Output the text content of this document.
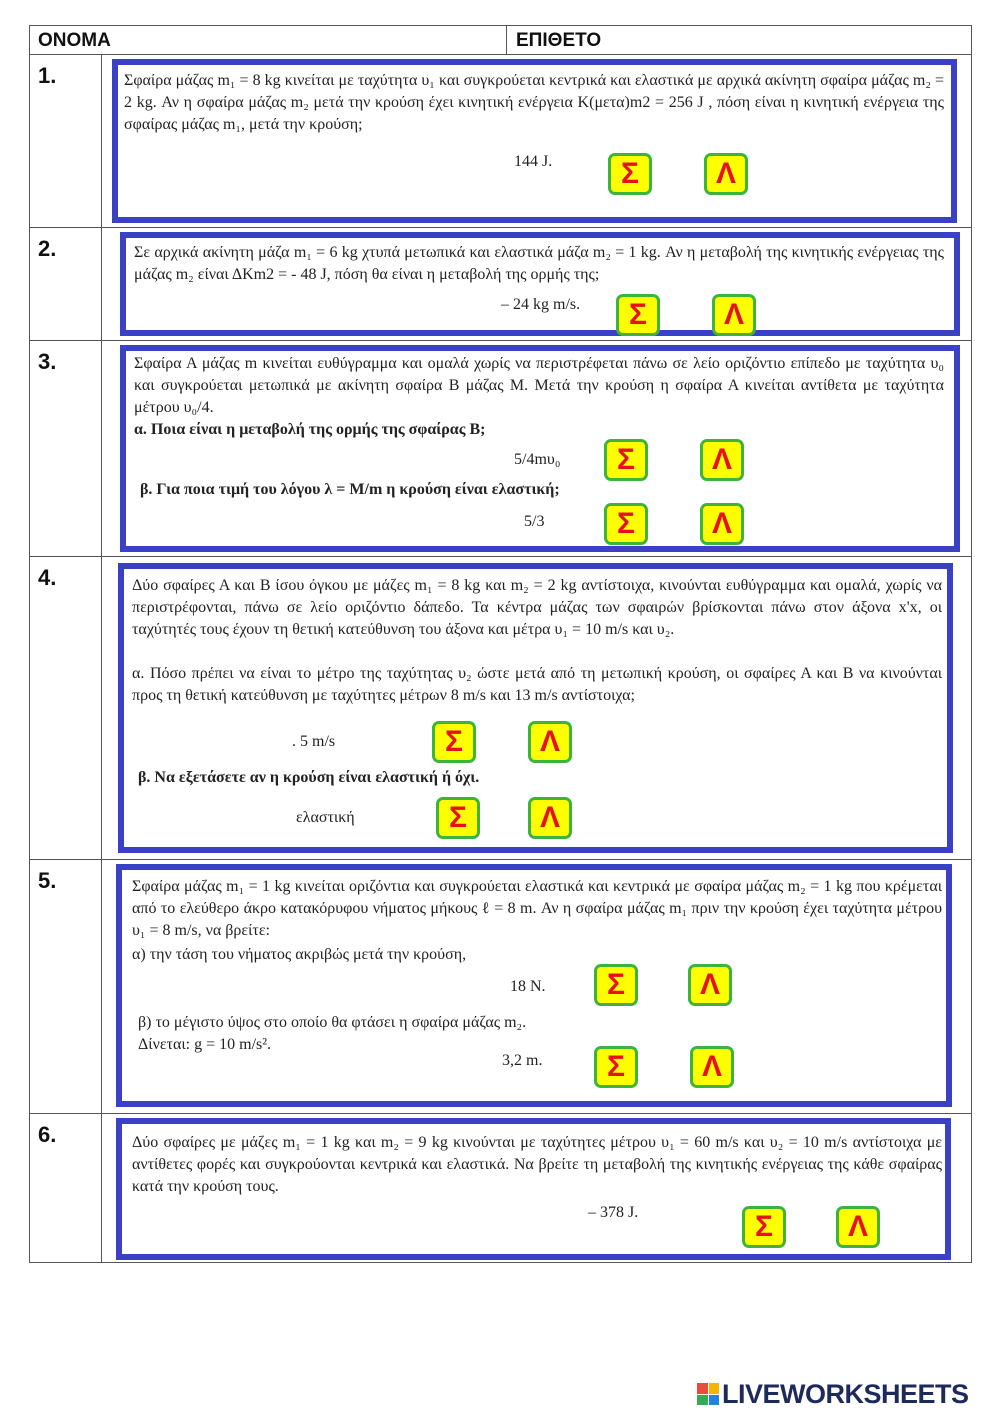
ΟΝΟΜΑ	ΕΠΙΘΕΤΟ
1.	Σφαίρα μάζας m₁ = 8 kg κινείται με ταχύτητα υ₁ και συγκρούεται κεντρικά και ελαστικά με αρχικά ακίνητη σφαίρα μάζας m₂ = 2 kg. Αν η σφαίρα μάζας m₂ μετά την κρούση έχει κινητική ενέργεια K(μετα)m2 = 256 J , πόση είναι η κινητική ενέργεια της σφαίρας μάζας m₁, μετά την κρούση;
144 J.	Σ	Λ
2.	Σε αρχικά ακίνητη μάζα m₁ = 6 kg χτυπά μετωπικά και ελαστικά μάζα m₂ = 1 kg. Αν η μεταβολή της κινητικής ενέργειας της μάζας m₂ είναι ΔKm2 = - 48 J, πόση θα είναι η μεταβολή της ορμής της;
– 24 kg m/s.	Σ	Λ
3.	Σφαίρα Α μάζας m κινείται ευθύγραμμα και ομαλά χωρίς να περιστρέφεται πάνω σε λείο οριζόντιο επίπεδο με ταχύτητα υ₀ και συγκρούεται μετωπικά με ακίνητη σφαίρα Β μάζας Μ. Μετά την κρούση η σφαίρα Α κινείται αντίθετα με ταχύτητα μέτρου υ₀/4.
α. Ποια είναι η μεταβολή της ορμής της σφαίρας Β;
5/4mυ₀	Σ	Λ
β. Για ποια τιμή του λόγου λ = Μ/m η κρούση είναι ελαστική;
5/3	Σ	Λ
4.	Δύο σφαίρες Α και Β ίσου όγκου με μάζες m₁ = 8 kg και m₂ = 2 kg αντίστοιχα, κινούνται ευθύγραμμα και ομαλά, χωρίς να περιστρέφονται, πάνω σε λείο οριζόντιο δάπεδο. Τα κέντρα μάζας των σφαιρών βρίσκονται πάνω στον άξονα x'x, οι ταχύτητές τους έχουν τη θετική κατεύθυνση του άξονα και μέτρα υ₁ = 10 m/s και υ₂.
α. Πόσο πρέπει να είναι το μέτρο της ταχύτητας υ₂ ώστε μετά από τη μετωπική κρούση, οι σφαίρες Α και Β να κινούνται προς τη θετική κατεύθυνση με ταχύτητες μέτρων 8 m/s και 13 m/s αντίστοιχα;
. 5 m/s	Σ	Λ
β. Να εξετάσετε αν η κρούση είναι ελαστική ή όχι.
ελαστική	Σ	Λ
5.	Σφαίρα μάζας m₁ = 1 kg κινείται οριζόντια και συγκρούεται ελαστικά και κεντρικά με σφαίρα μάζας m₂ = 1 kg που κρέμεται από το ελεύθερο άκρο κατακόρυφου νήματος μήκους ℓ = 8 m. Αν η σφαίρα μάζας m₁ πριν την κρούση έχει ταχύτητα μέτρου υ₁ = 8 m/s, να βρείτε:
α) την τάση του νήματος ακριβώς μετά την κρούση,
18 N.	Σ	Λ
β) το μέγιστο ύψος στο οποίο θα φτάσει η σφαίρα μάζας m₂.
Δίνεται: g = 10 m/s².
3,2 m.	Σ	Λ
6.	Δύο σφαίρες με μάζες m₁ = 1 kg και m₂ = 9 kg κινούνται με ταχύτητες μέτρου υ₁ = 60 m/s και υ₂ = 10 m/s αντίστοιχα με αντίθετες φορές και συγκρούονται κεντρικά και ελαστικά. Να βρείτε τη μεταβολή της κινητικής ενέργειας της κάθε σφαίρας κατά την κρούση τους.
– 378 J.	Σ	Λ
LIVEWORKSHEETS
